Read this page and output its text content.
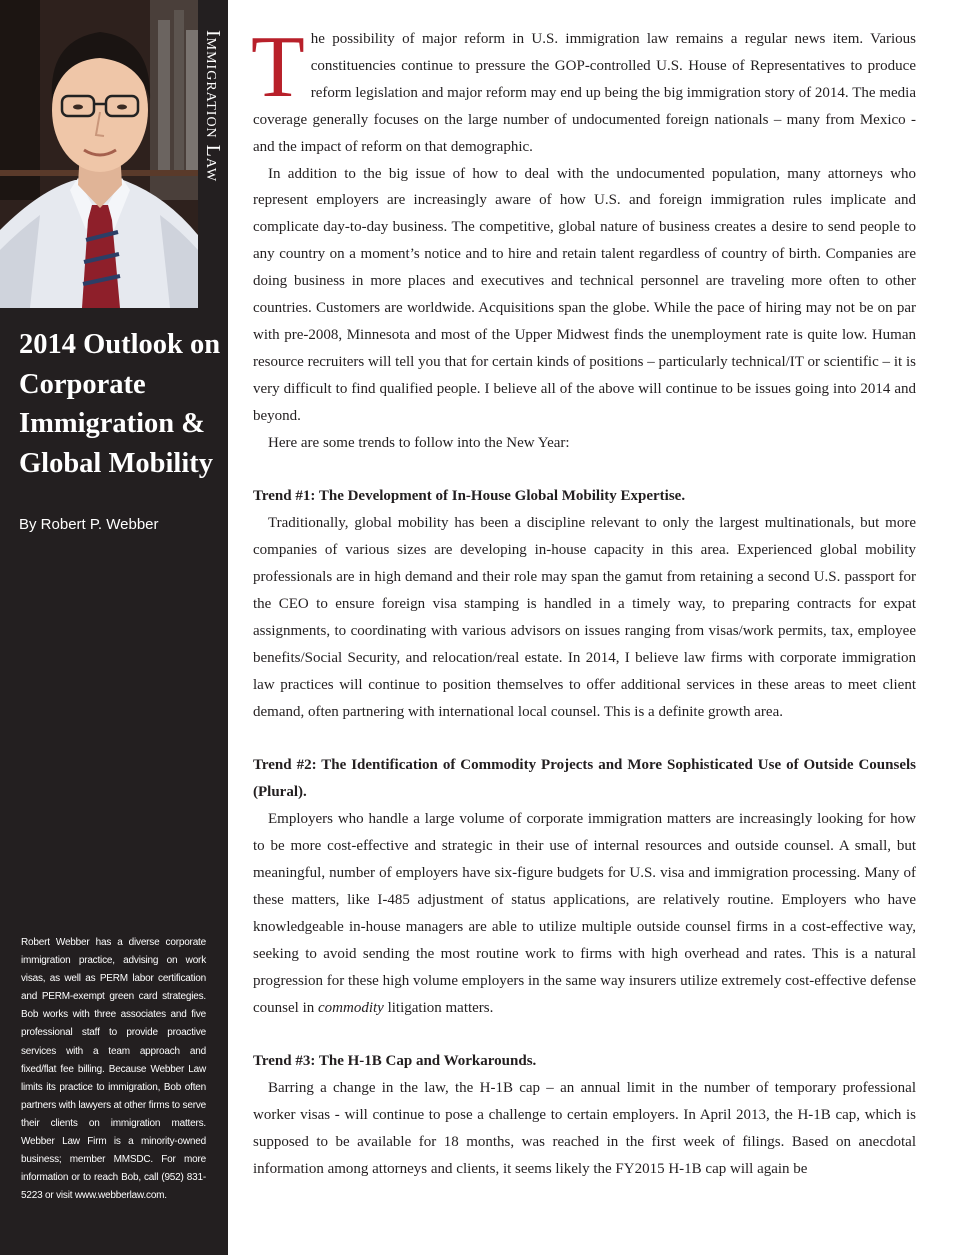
Immigration Law
2014 Outlook on Corporate Immigration & Global Mobility
By Robert P. Webber

Robert Webber has a diverse corporate immigration practice, advising on work visas, as well as PERM labor certification and PERM-exempt green card strategies. Bob works with three associates and five professional staff to provide proactive services with a team approach and fixed/flat fee billing. Because Webber Law limits its practice to immigration, Bob often partners with lawyers at other firms to serve their clients on immigration matters. Webber Law Firm is a minority-owned business; member MMSDC. For more information or to reach Bob, call (952) 831-5223 or visit www.webberlaw.com.

The possibility of major reform in U.S. immigration law remains a regular news item. Various constituencies continue to pressure the GOP-controlled U.S. House of Representatives to produce reform legislation and major reform may end up being the big immigration story of 2014. The media coverage generally focuses on the large number of undocumented foreign nationals – many from Mexico - and the impact of reform on that demographic.

In addition to the big issue of how to deal with the undocumented population, many attorneys who represent employers are increasingly aware of how U.S. and foreign immigration rules implicate and complicate day-to-day business. The competitive, global nature of business creates a desire to send people to any country on a moment’s notice and to hire and retain talent regardless of country of birth. Companies are doing business in more places and executives and technical personnel are traveling more often to other countries. Customers are worldwide. Acquisitions span the globe. While the pace of hiring may not be on par with pre-2008, Minnesota and most of the Upper Midwest finds the unemployment rate is quite low. Human resource recruiters will tell you that for certain kinds of positions – particularly technical/IT or scientific – it is very difficult to find qualified people. I believe all of the above will continue to be issues going into 2014 and beyond.

Here are some trends to follow into the New Year:

Trend #1: The Development of In-House Global Mobility Expertise.

Traditionally, global mobility has been a discipline relevant to only the largest multinationals, but more companies of various sizes are developing in-house capacity in this area. Experienced global mobility professionals are in high demand and their role may span the gamut from retaining a second U.S. passport for the CEO to ensure foreign visa stamping is handled in a timely way, to preparing contracts for expat assignments, to coordinating with various advisors on issues ranging from visas/work permits, tax, employee benefits/Social Security, and relocation/real estate. In 2014, I believe law firms with corporate immigration law practices will continue to position themselves to offer additional services in these areas to meet client demand, often partnering with international local counsel. This is a definite growth area.

Trend #2: The Identification of Commodity Projects and More Sophisticated Use of Outside Counsels (Plural).

Employers who handle a large volume of corporate immigration matters are increasingly looking for how to be more cost-effective and strategic in their use of internal resources and outside counsel. A small, but meaningful, number of employers have six-figure budgets for U.S. visa and immigration processing. Many of these matters, like I-485 adjustment of status applications, are relatively routine. Employers who have knowledgeable in-house managers are able to utilize multiple outside counsel firms in a cost-effective way, seeking to avoid sending the most routine work to firms with high overhead and rates. This is a natural progression for these high volume employers in the same way insurers utilize extremely cost-effective defense counsel in commodity litigation matters.

Trend #3: The H-1B Cap and Workarounds.

Barring a change in the law, the H-1B cap – an annual limit in the number of temporary professional worker visas - will continue to pose a challenge to certain employers. In April 2013, the H-1B cap, which is supposed to be available for 18 months, was reached in the first week of filings. Based on anecdotal information among attorneys and clients, it seems likely the FY2015 H-1B cap will again be
